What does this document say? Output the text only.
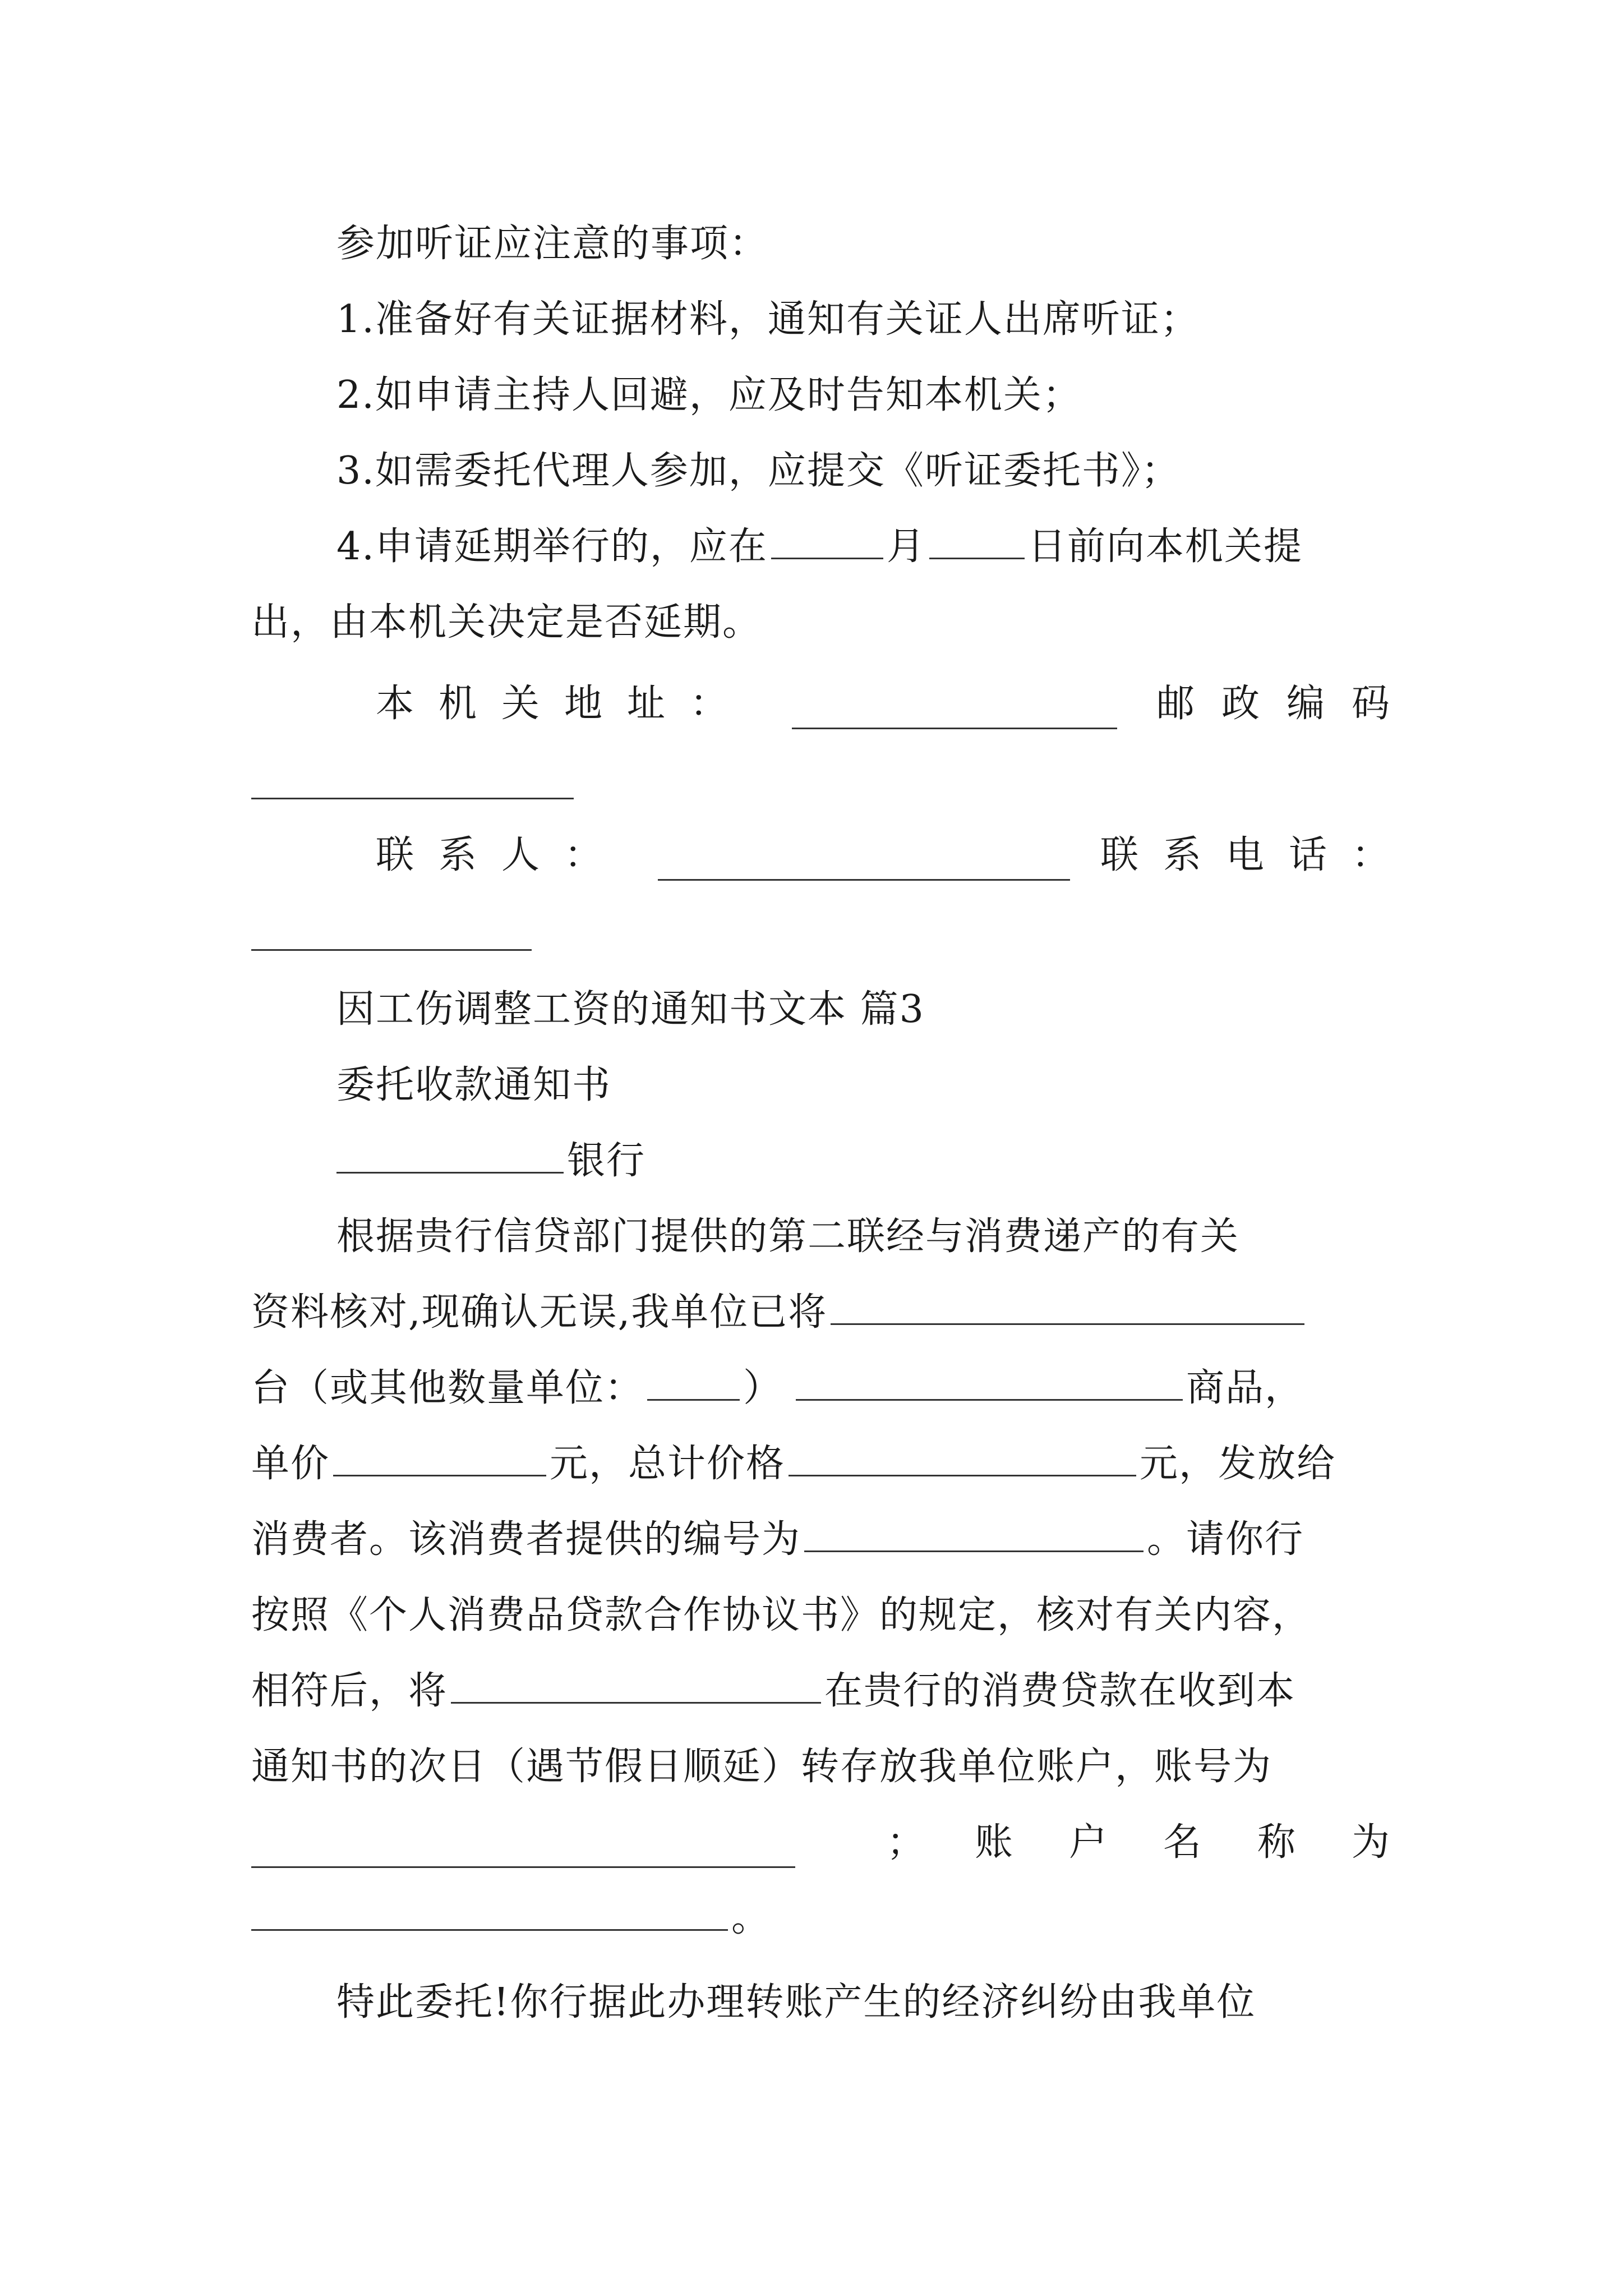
参加听证应注意的事项：
1.准备好有关证据材料，通知有关证人出席听证；
2.如申请主持人回避，应及时告知本机关；
3.如需委托代理人参加，应提交《听证委托书》；
4.申请延期举行的，应在	月	日前向本机关提
出，由本机关决定是否延期。
本机关地址：	邮政编码
联系人：	联系电话：
因工伤调整工资的通知书文本 篇3
委托收款通知书
银行
根据贵行信贷部门提供的第二联经与消费递产的有关
资料核对,现确认无误,我单位已将
台（或其他数量单位：	）	商品，
单价	元，总计价格	元，发放给
消费者。该消费者提供的编号为	。请你行
按照《个人消费品贷款合作协议书》的规定，核对有关内容，
相符后，将	在贵行的消费贷款在收到本
通知书的次日（遇节假日顺延）转存放我单位账户，账号为
； 账户名称为
。
特此委托!你行据此办理转账产生的经济纠纷由我单位
